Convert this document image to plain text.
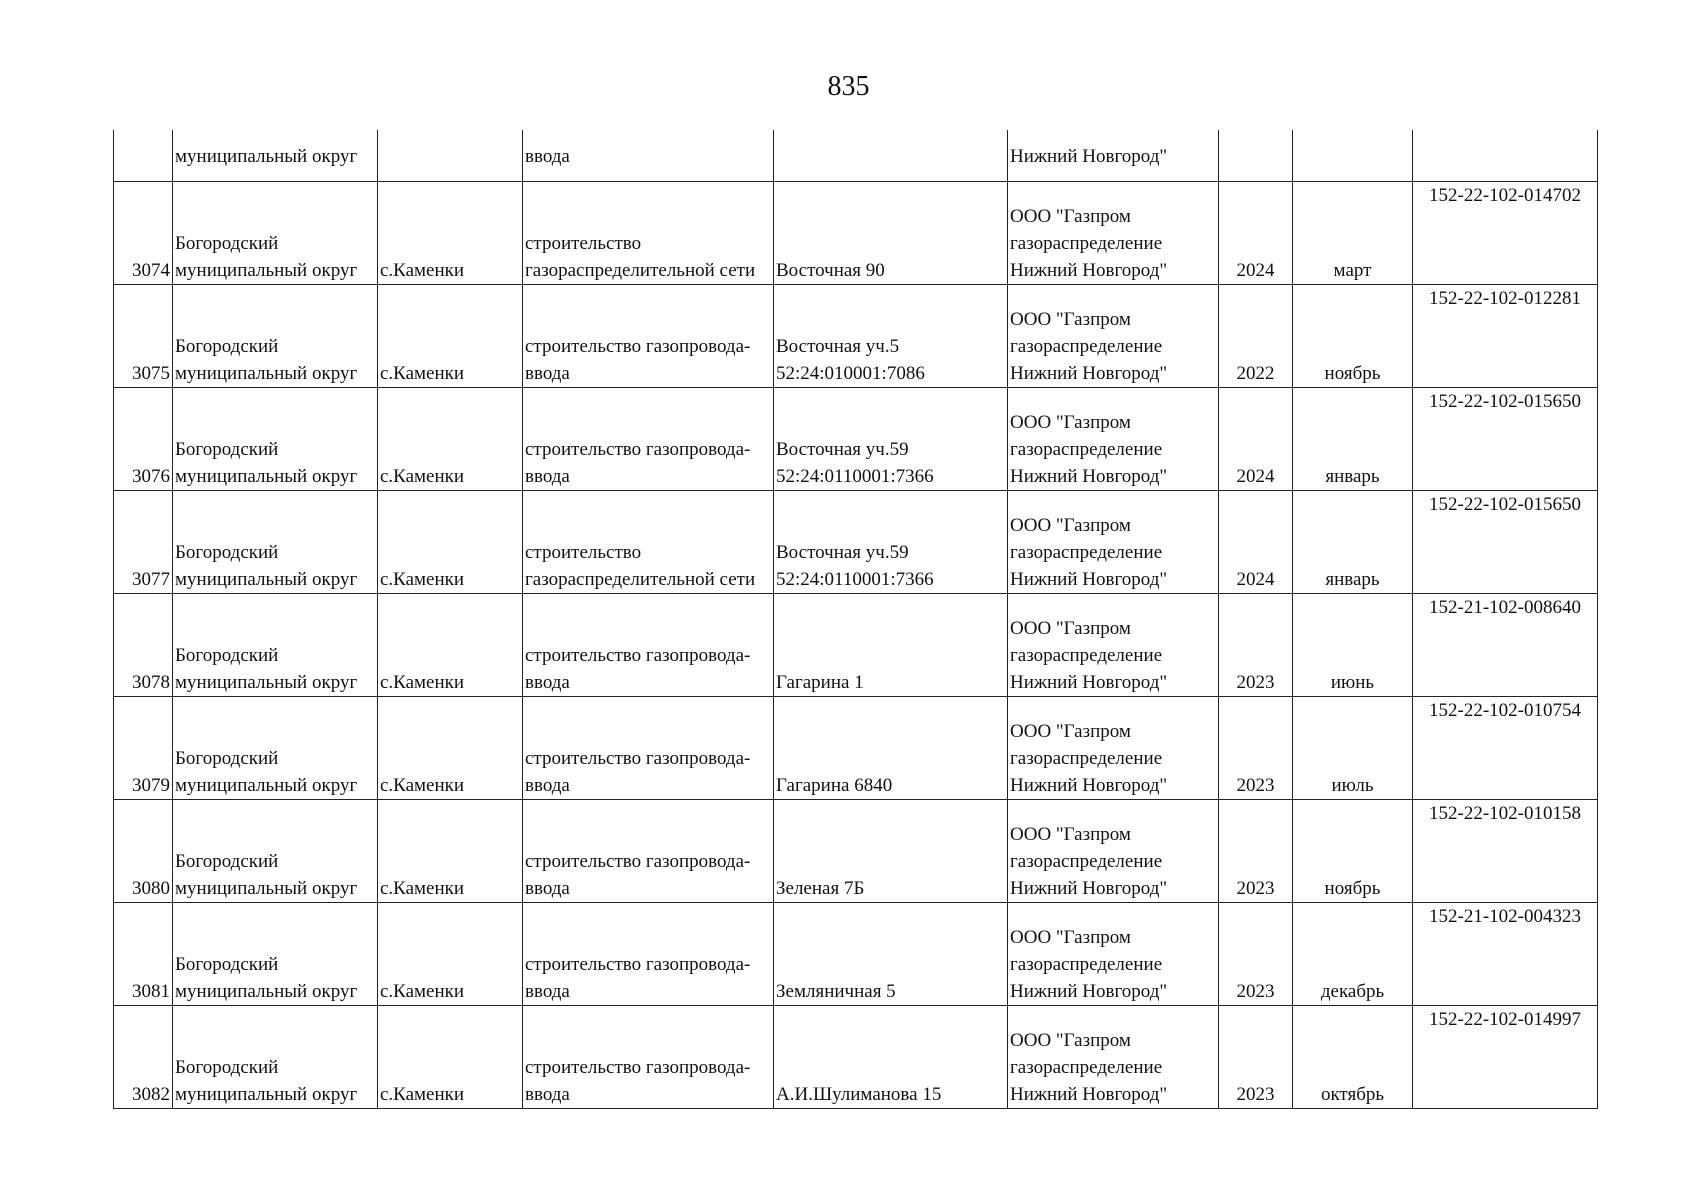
835
	муниципальный округ		ввода		Нижний Новгород"			
3074	Богородский
муниципальный округ	с.Каменки	строительство
газораспределительной сети	Восточная 90	ООО "Газпром
газораспределение
Нижний Новгород"	2024	март	152-22-102-014702
3075	Богородский
муниципальный округ	с.Каменки	строительство газопровода-
ввода	Восточная уч.5
52:24:010001:7086	ООО "Газпром
газораспределение
Нижний Новгород"	2022	ноябрь	152-22-102-012281
3076	Богородский
муниципальный округ	с.Каменки	строительство газопровода-
ввода	Восточная уч.59
52:24:0110001:7366	ООО "Газпром
газораспределение
Нижний Новгород"	2024	январь	152-22-102-015650
3077	Богородский
муниципальный округ	с.Каменки	строительство
газораспределительной сети	Восточная уч.59
52:24:0110001:7366	ООО "Газпром
газораспределение
Нижний Новгород"	2024	январь	152-22-102-015650
3078	Богородский
муниципальный округ	с.Каменки	строительство газопровода-
ввода	Гагарина 1	ООО "Газпром
газораспределение
Нижний Новгород"	2023	июнь	152-21-102-008640
3079	Богородский
муниципальный округ	с.Каменки	строительство газопровода-
ввода	Гагарина 6840	ООО "Газпром
газораспределение
Нижний Новгород"	2023	июль	152-22-102-010754
3080	Богородский
муниципальный округ	с.Каменки	строительство газопровода-
ввода	Зеленая 7Б	ООО "Газпром
газораспределение
Нижний Новгород"	2023	ноябрь	152-22-102-010158
3081	Богородский
муниципальный округ	с.Каменки	строительство газопровода-
ввода	Земляничная 5	ООО "Газпром
газораспределение
Нижний Новгород"	2023	декабрь	152-21-102-004323
3082	Богородский
муниципальный округ	с.Каменки	строительство газопровода-
ввода	А.И.Шулиманова 15	ООО "Газпром
газораспределение
Нижний Новгород"	2023	октябрь	152-22-102-014997
